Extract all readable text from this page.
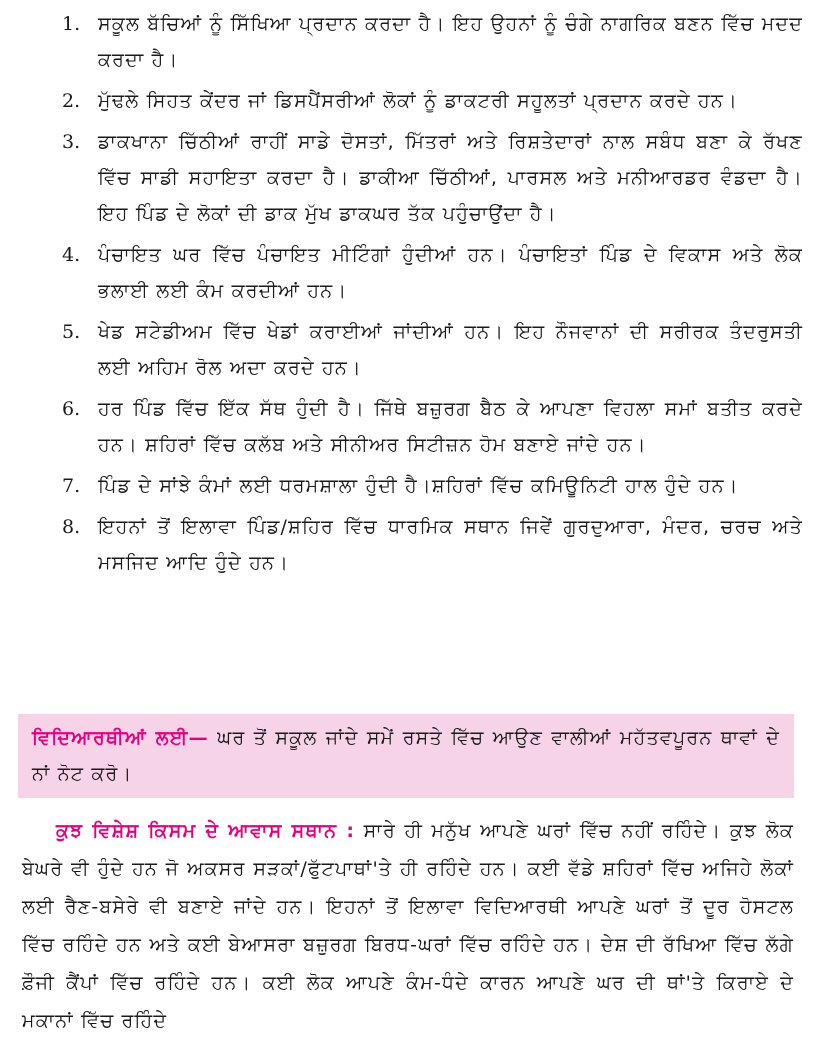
1. ਸਕੂਲ ਬੱਚਿਆਂ ਨੂੰ ਸਿੱਖਿਆ ਪ੍ਰਦਾਨ ਕਰਦਾ ਹੈ। ਇਹ ਉਹਨਾਂ ਨੂੰ ਚੰਗੇ ਨਾਗਰਿਕ ਬਣਨ ਵਿੱਚ ਮਦਦ ਕਰਦਾ ਹੈ।
2. ਮੁੱਢਲੇ ਸਿਹਤ ਕੇਂਦਰ ਜਾਂ ਡਿਸਪੈਂਸਰੀਆਂ ਲੋਕਾਂ ਨੂੰ ਡਾਕਟਰੀ ਸਹੂਲਤਾਂ ਪ੍ਰਦਾਨ ਕਰਦੇ ਹਨ।
3. ਡਾਕਖਾਨਾ ਚਿੱਠੀਆਂ ਰਾਹੀਂ ਸਾਡੇ ਦੋਸਤਾਂ, ਮਿੱਤਰਾਂ ਅਤੇ ਰਿਸ਼ਤੇਦਾਰਾਂ ਨਾਲ ਸਬੰਧ ਬਣਾ ਕੇ ਰੱਖਣ ਵਿੱਚ ਸਾਡੀ ਸਹਾਇਤਾ ਕਰਦਾ ਹੈ। ਡਾਕੀਆ ਚਿੱਠੀਆਂ, ਪਾਰਸਲ ਅਤੇ ਮਨੀਆਰਡਰ ਵੰਡਦਾ ਹੈ। ਇਹ ਪਿੰਡ ਦੇ ਲੋਕਾਂ ਦੀ ਡਾਕ ਮੁੱਖ ਡਾਕਘਰ ਤੱਕ ਪਹੁੰਚਾਉਂਦਾ ਹੈ।
4. ਪੰਚਾਇਤ ਘਰ ਵਿੱਚ ਪੰਚਾਇਤ ਮੀਟਿੰਗਾਂ ਹੁੰਦੀਆਂ ਹਨ। ਪੰਚਾਇਤਾਂ ਪਿੰਡ ਦੇ ਵਿਕਾਸ ਅਤੇ ਲੋਕ ਭਲਾਈ ਲਈ ਕੰਮ ਕਰਦੀਆਂ ਹਨ।
5. ਖੇਡ ਸਟੇਡੀਅਮ ਵਿੱਚ ਖੇਡਾਂ ਕਰਾਈਆਂ ਜਾਂਦੀਆਂ ਹਨ। ਇਹ ਨੌਜਵਾਨਾਂ ਦੀ ਸਰੀਰਕ ਤੰਦਰੁਸਤੀ ਲਈ ਅਹਿਮ ਰੋਲ ਅਦਾ ਕਰਦੇ ਹਨ।
6. ਹਰ ਪਿੰਡ ਵਿੱਚ ਇੱਕ ਸੱਥ ਹੁੰਦੀ ਹੈ। ਜਿੱਥੇ ਬਜ਼ੁਰਗ ਬੈਠ ਕੇ ਆਪਣਾ ਵਿਹਲਾ ਸਮਾਂ ਬਤੀਤ ਕਰਦੇ ਹਨ। ਸ਼ਹਿਰਾਂ ਵਿੱਚ ਕਲੱਬ ਅਤੇ ਸੀਨੀਅਰ ਸਿਟੀਜ਼ਨ ਹੋਮ ਬਣਾਏ ਜਾਂਦੇ ਹਨ।
7. ਪਿੰਡ ਦੇ ਸਾਂਝੇ ਕੰਮਾਂ ਲਈ ਧਰਮਸ਼ਾਲਾ ਹੁੰਦੀ ਹੈ।ਸ਼ਹਿਰਾਂ ਵਿੱਚ ਕਮਿਊਨਿਟੀ ਹਾਲ ਹੁੰਦੇ ਹਨ।
8. ਇਹਨਾਂ ਤੋਂ ਇਲਾਵਾ ਪਿੰਡ/ਸ਼ਹਿਰ ਵਿੱਚ ਧਾਰਮਿਕ ਸਥਾਨ ਜਿਵੇਂ ਗੁਰਦੁਆਰਾ, ਮੰਦਰ, ਚਰਚ ਅਤੇ ਮਸਜਿਦ ਆਦਿ ਹੁੰਦੇ ਹਨ।
ਵਿਦਿਆਰਥੀਆਂ ਲਈ— ਘਰ ਤੋਂ ਸਕੂਲ ਜਾਂਦੇ ਸਮੇਂ ਰਸਤੇ ਵਿੱਚ ਆਉਣ ਵਾਲੀਆਂ ਮਹੱਤਵਪੂਰਨ ਥਾਵਾਂ ਦੇ ਨਾਂ ਨੋਟ ਕਰੋ।

ਕੁਝ ਵਿਸ਼ੇਸ਼ ਕਿਸਮ ਦੇ ਆਵਾਸ ਸਥਾਨ : ਸਾਰੇ ਹੀ ਮਨੁੱਖ ਆਪਣੇ ਘਰਾਂ ਵਿੱਚ ਨਹੀਂ ਰਹਿੰਦੇ। ਕੁਝ ਲੋਕ ਬੇਘਰੇ ਵੀ ਹੁੰਦੇ ਹਨ ਜੋ ਅਕਸਰ ਸੜਕਾਂ/ਫੁੱਟਪਾਥਾਂ'ਤੇ ਹੀ ਰਹਿੰਦੇ ਹਨ। ਕਈ ਵੱਡੇ ਸ਼ਹਿਰਾਂ ਵਿੱਚ ਅਜਿਹੇ ਲੋਕਾਂ ਲਈ ਰੈਣ-ਬਸੇਰੇ ਵੀ ਬਣਾਏ ਜਾਂਦੇ ਹਨ। ਇਹਨਾਂ ਤੋਂ ਇਲਾਵਾ ਵਿਦਿਆਰਥੀ ਆਪਣੇ ਘਰਾਂ ਤੋਂ ਦੂਰ ਹੋਸਟਲ ਵਿੱਚ ਰਹਿੰਦੇ ਹਨ ਅਤੇ ਕਈ ਬੇਆਸਰਾ ਬਜ਼ੁਰਗ ਬਿਰਧ-ਘਰਾਂ ਵਿੱਚ ਰਹਿੰਦੇ ਹਨ। ਦੇਸ਼ ਦੀ ਰੱਖਿਆ ਵਿੱਚ ਲੱਗੇ ਫ਼ੌਜੀ ਕੈਂਪਾਂ ਵਿੱਚ ਰਹਿੰਦੇ ਹਨ। ਕਈ ਲੋਕ ਆਪਣੇ ਕੰਮ-ਧੰਦੇ ਕਾਰਨ ਆਪਣੇ ਘਰ ਦੀ ਥਾਂ'ਤੇ ਕਿਰਾਏ ਦੇ ਮਕਾਨਾਂ ਵਿੱਚ ਰਹਿੰਦੇ
